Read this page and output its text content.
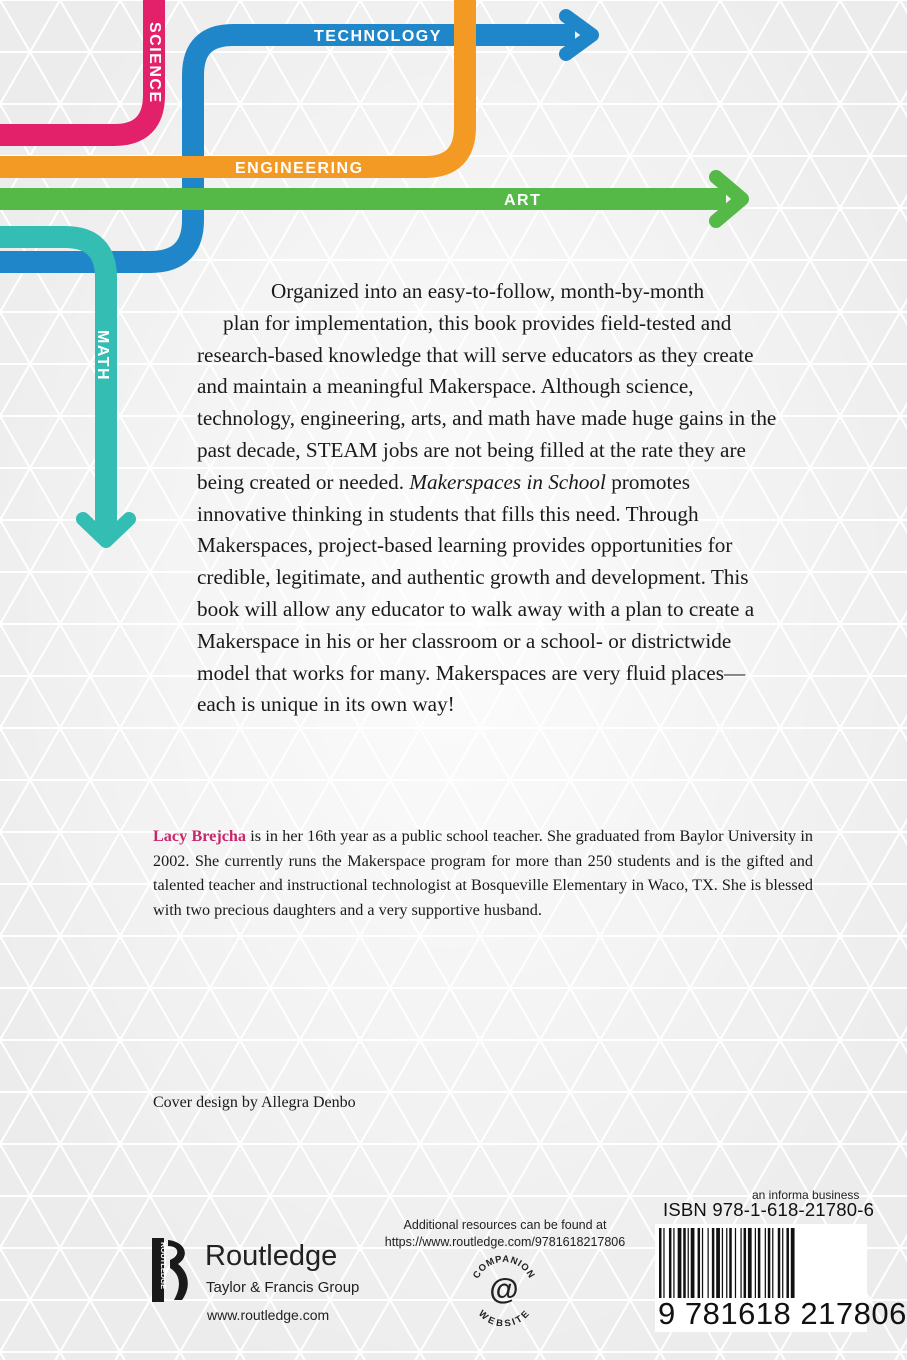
SCIENCE	TECHNOLOGY
ENGINEERING
ART
MATH

Organized into an easy-to-follow, month-by-month
plan for implementation, this book provides field-tested and research-based knowledge that will serve educators as they create and maintain a meaningful Makerspace. Although science, technology, engineering, arts, and math have made huge gains in the past decade, STEAM jobs are not being filled at the rate they are being created or needed. Makerspaces in School promotes innovative thinking in students that fills this need. Through Makerspaces, project-based learning provides opportunities for credible, legitimate, and authentic growth and development. This book will allow any educator to walk away with a plan to create a Makerspace in his or her classroom or a school- or districtwide model that works for many. Makerspaces are very fluid places—each is unique in its own way!

Lacy Brejcha is in her 16th year as a public school teacher. She graduated from Baylor University in 2002. She currently runs the Makerspace program for more than 250 students and is the gifted and talented teacher and instructional technologist at Bosqueville Elementary in Waco, TX. She is blessed with two precious daughters and a very supportive husband.

Cover design by Allegra Denbo

ROUTLEDGE Routledge

Taylor & Francis Group

www.routledge.com

Additional resources can be found at
https://www.routledge.com/9781618217806

COMPANION
WEBSITE
@

an informa business

ISBN 978-1-618-21780-6

9 781618 217806
